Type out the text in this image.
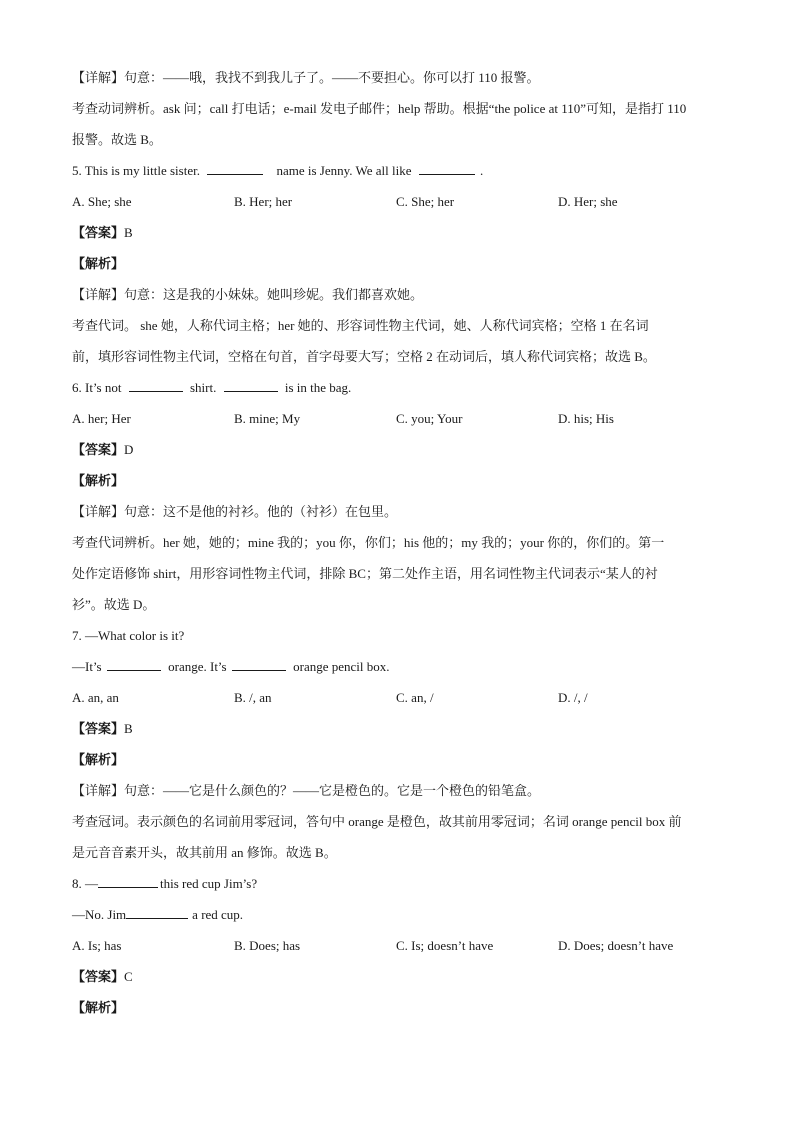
【详解】句意：——哦，我找不到我儿子了。——不要担心。你可以打 110 报警。
考查动词辨析。ask 问；call 打电话；e-mail 发电子邮件；help 帮助。根据“the police at 110”可知，是指打 110
报警。故选 B。
5. This is my little sister.	name is Jenny. We all like	.
A. She; she	B. Her; her	C. She; her	D. Her; she
【答案】B
【解析】
【详解】句意：这是我的小妹妹。她叫珍妮。我们都喜欢她。
考查代词。 she 她，人称代词主格；her 她的、形容词性物主代词，她、人称代词宾格；空格 1 在名词
前，填形容词性物主代词，空格在句首，首字母要大写；空格 2 在动词后，填人称代词宾格；故选 B。
6. It’s not	shirt.	is in the bag.
A. her; Her	B. mine; My	C. you; Your	D. his; His
【答案】D
【解析】
【详解】句意：这不是他的衬衫。他的（衬衫）在包里。
考查代词辨析。her 她，她的；mine 我的；you 你，你们；his 他的；my 我的；your 你的，你们的。第一
处作定语修饰 shirt，用形容词性物主代词，排除 BC；第二处作主语，用名词性物主代词表示“某人的衬
衫”。故选 D。
7. —What color is it?
—It’s	orange. It’s	orange pencil box.
A. an, an	B. /, an	C. an, /	D. /, /
【答案】B
【解析】
【详解】句意：——它是什么颜色的？——它是橙色的。它是一个橙色的铅笔盒。
考查冠词。表示颜色的名词前用零冠词，答句中 orange 是橙色，故其前用零冠词；名词 orange pencil box 前
是元音音素开头，故其前用 an 修饰。故选 B。
8. —	this red cup Jim’s?
—No. Jim	a red cup.
A. Is; has	B. Does; has	C. Is; doesn’t have	D. Does; doesn’t have
【答案】C
【解析】
